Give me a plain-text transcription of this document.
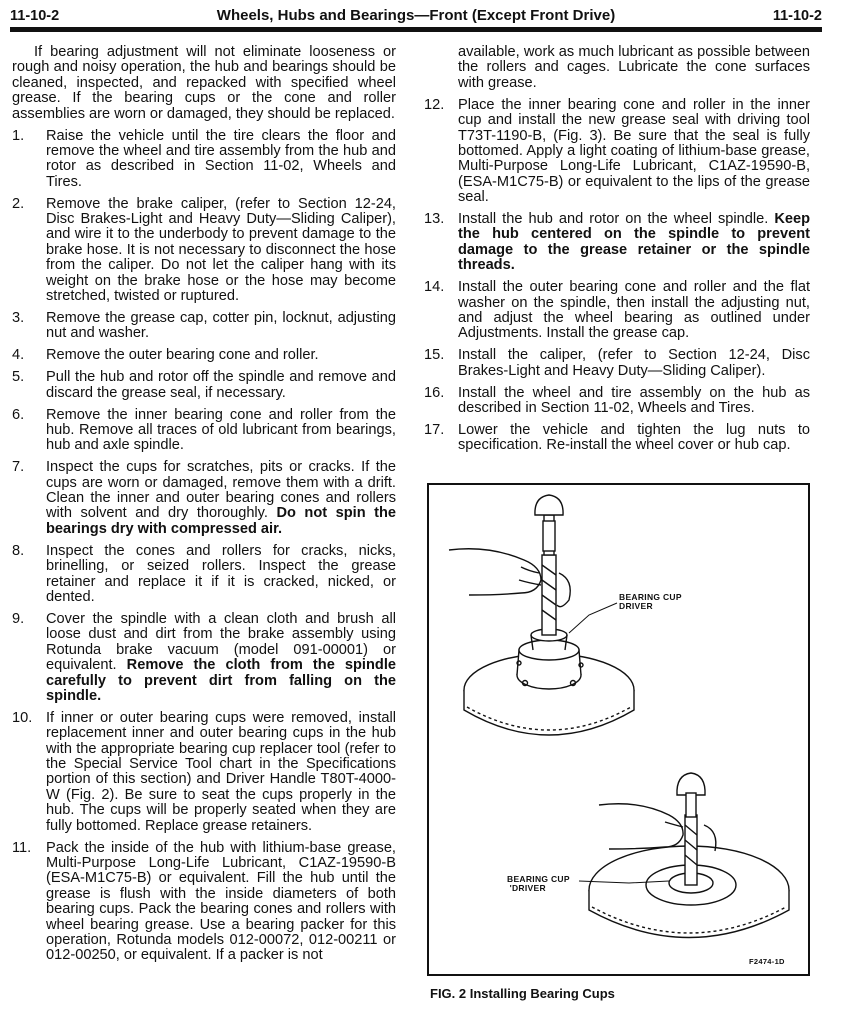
11-10-2	Wheels, Hubs and Bearings—Front (Except Front Drive)	11-10-2

If bearing adjustment will not eliminate looseness or rough and noisy operation, the hub and bearings should be cleaned, inspected, and repacked with specified wheel grease. If the bearing cups or the cone and roller assemblies are worn or damaged, they should be replaced.

1.	Raise the vehicle until the tire clears the floor and remove the wheel and tire assembly from the hub and rotor as described in Section 11-02, Wheels and Tires.
2.	Remove the brake caliper, (refer to Section 12-24, Disc Brakes-Light and Heavy Duty—Sliding Caliper), and wire it to the underbody to prevent damage to the brake hose. It is not necessary to disconnect the hose from the caliper. Do not let the caliper hang with its weight on the brake hose or the hose may become stretched, twisted or ruptured.
3.	Remove the grease cap, cotter pin, locknut, adjusting nut and washer.
4.	Remove the outer bearing cone and roller.
5.	Pull the hub and rotor off the spindle and remove and discard the grease seal, if necessary.
6.	Remove the inner bearing cone and roller from the hub. Remove all traces of old lubricant from bearings, hub and axle spindle.
7.	Inspect the cups for scratches, pits or cracks. If the cups are worn or damaged, remove them with a drift. Clean the inner and outer bearing cones and rollers with solvent and dry thoroughly. Do not spin the bearings dry with compressed air.
8.	Inspect the cones and rollers for cracks, nicks, brinelling, or seized rollers. Inspect the grease retainer and replace it if it is cracked, nicked, or dented.
9.	Cover the spindle with a clean cloth and brush all loose dust and dirt from the brake assembly using Rotunda brake vacuum (model 091-00001) or equivalent. Remove the cloth from the spindle carefully to prevent dirt from falling on the spindle.
10. If inner or outer bearing cups were removed, install replacement inner and outer bearing cups in the hub with the appropriate bearing cup replacer tool (refer to the Special Service Tool chart in the Specifications portion of this section) and Driver Handle T80T-4000-W (Fig. 2). Be sure to seat the cups properly in the hub. The cups will be properly seated when they are fully bottomed. Replace grease retainers.
11.	Pack the inside of the hub with lithium-base grease, Multi-Purpose Long-Life Lubricant, C1AZ-19590-B (ESA-M1C75-B) or equivalent. Fill the hub until the grease is flush with the inside diameters of both bearing cups. Pack the bearing cones and rollers with wheel bearing grease. Use a bearing packer for this operation, Rotunda models 012-00072, 012-00211 or 012-00250, or equivalent. If a packer is not
available, work as much lubricant as possible between the rollers and cages. Lubricate the cone surfaces with grease.
12. Place the inner bearing cone and roller in the inner cup and install the new grease seal with driving tool T73T-1190-B, (Fig. 3). Be sure that the seal is fully bottomed. Apply a light coating of lithium-base grease, Multi-Purpose Long-Life Lubricant, C1AZ-19590-B, (ESA-M1C75-B) or equivalent to the lips of the grease seal.
13. Install the hub and rotor on the wheel spindle. Keep the hub centered on the spindle to prevent damage to the grease retainer or the spindle threads.
14. Install the outer bearing cone and roller and the flat washer on the spindle, then install the adjusting nut, and adjust the wheel bearing as outlined under Adjustments. Install the grease cap.
15. Install the caliper, (refer to Section 12-24, Disc Brakes-Light and Heavy Duty—Sliding Caliper).
16. Install the wheel and tire assembly on the hub as described in Section 11-02, Wheels and Tires.
17. Lower the vehicle and tighten the lug nuts to specification. Re-install the wheel cover or hub cap.
BEARING CUP
DRIVER
BEARING CUP
'DRIVER
F2474-1D
FIG. 2 Installing Bearing Cups
